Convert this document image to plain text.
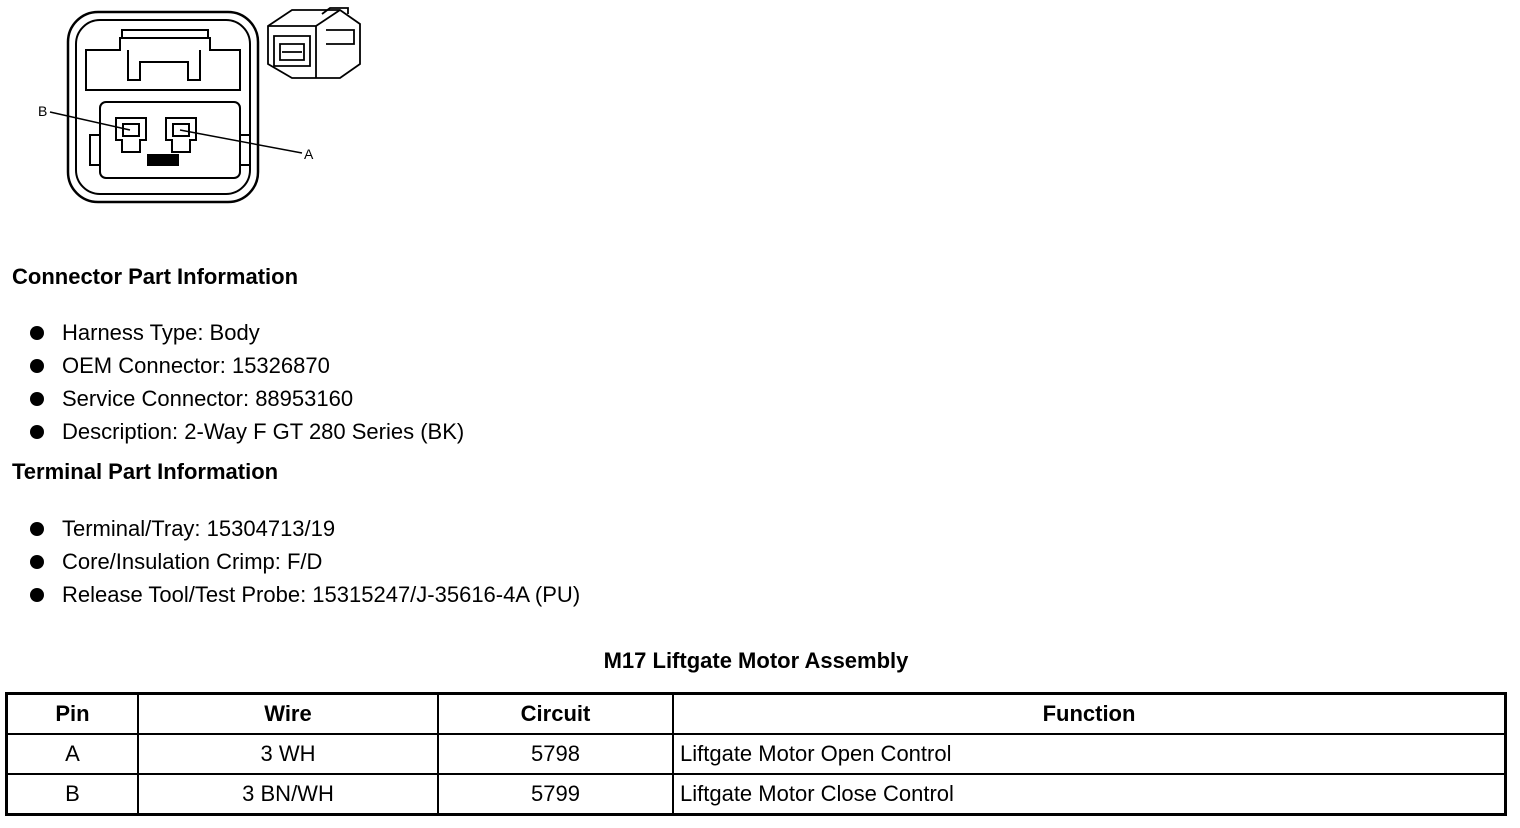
B
A
Connector Part Information
Harness Type: Body
OEM Connector: 15326870
Service Connector: 88953160
Description: 2-Way F GT 280 Series (BK)
Terminal Part Information
Terminal/Tray: 15304713/19
Core/Insulation Crimp: F/D
Release Tool/Test Probe: 15315247/J-35616-4A (PU)
M17 Liftgate Motor Assembly
Pin	Wire	Circuit	Function
A	3 WH	5798	Liftgate Motor Open Control
B	3 BN/WH	5799	Liftgate Motor Close Control
